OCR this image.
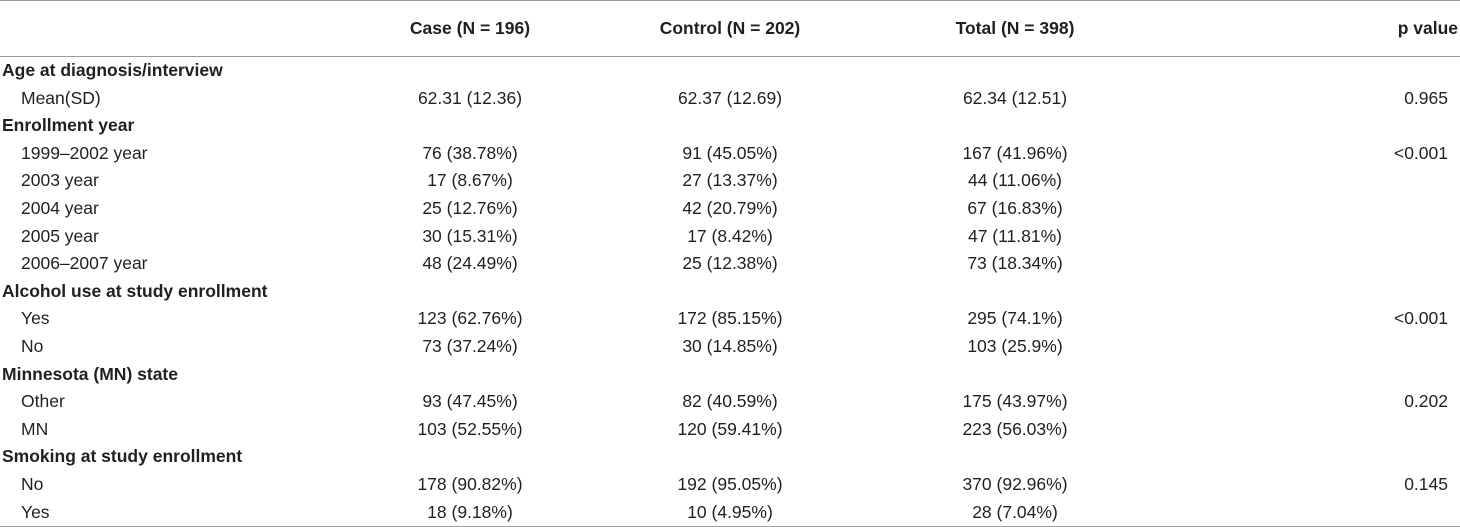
	Case (N = 196)	Control (N = 202)	Total (N = 398)	p value
Age at diagnosis/interview				
Mean(SD)	62.31 (12.36)	62.37 (12.69)	62.34 (12.51)	0.965
Enrollment year				
1999–2002 year	76 (38.78%)	91 (45.05%)	167 (41.96%)	<0.001
2003 year	17 (8.67%)	27 (13.37%)	44 (11.06%)	
2004 year	25 (12.76%)	42 (20.79%)	67 (16.83%)	
2005 year	30 (15.31%)	17 (8.42%)	47 (11.81%)	
2006–2007 year	48 (24.49%)	25 (12.38%)	73 (18.34%)	
Alcohol use at study enrollment				
Yes	123 (62.76%)	172 (85.15%)	295 (74.1%)	<0.001
No	73 (37.24%)	30 (14.85%)	103 (25.9%)	
Minnesota (MN) state				
Other	93 (47.45%)	82 (40.59%)	175 (43.97%)	0.202
MN	103 (52.55%)	120 (59.41%)	223 (56.03%)	
Smoking at study enrollment				
No	178 (90.82%)	192 (95.05%)	370 (92.96%)	0.145
Yes	18 (9.18%)	10 (4.95%)	28 (7.04%)	
